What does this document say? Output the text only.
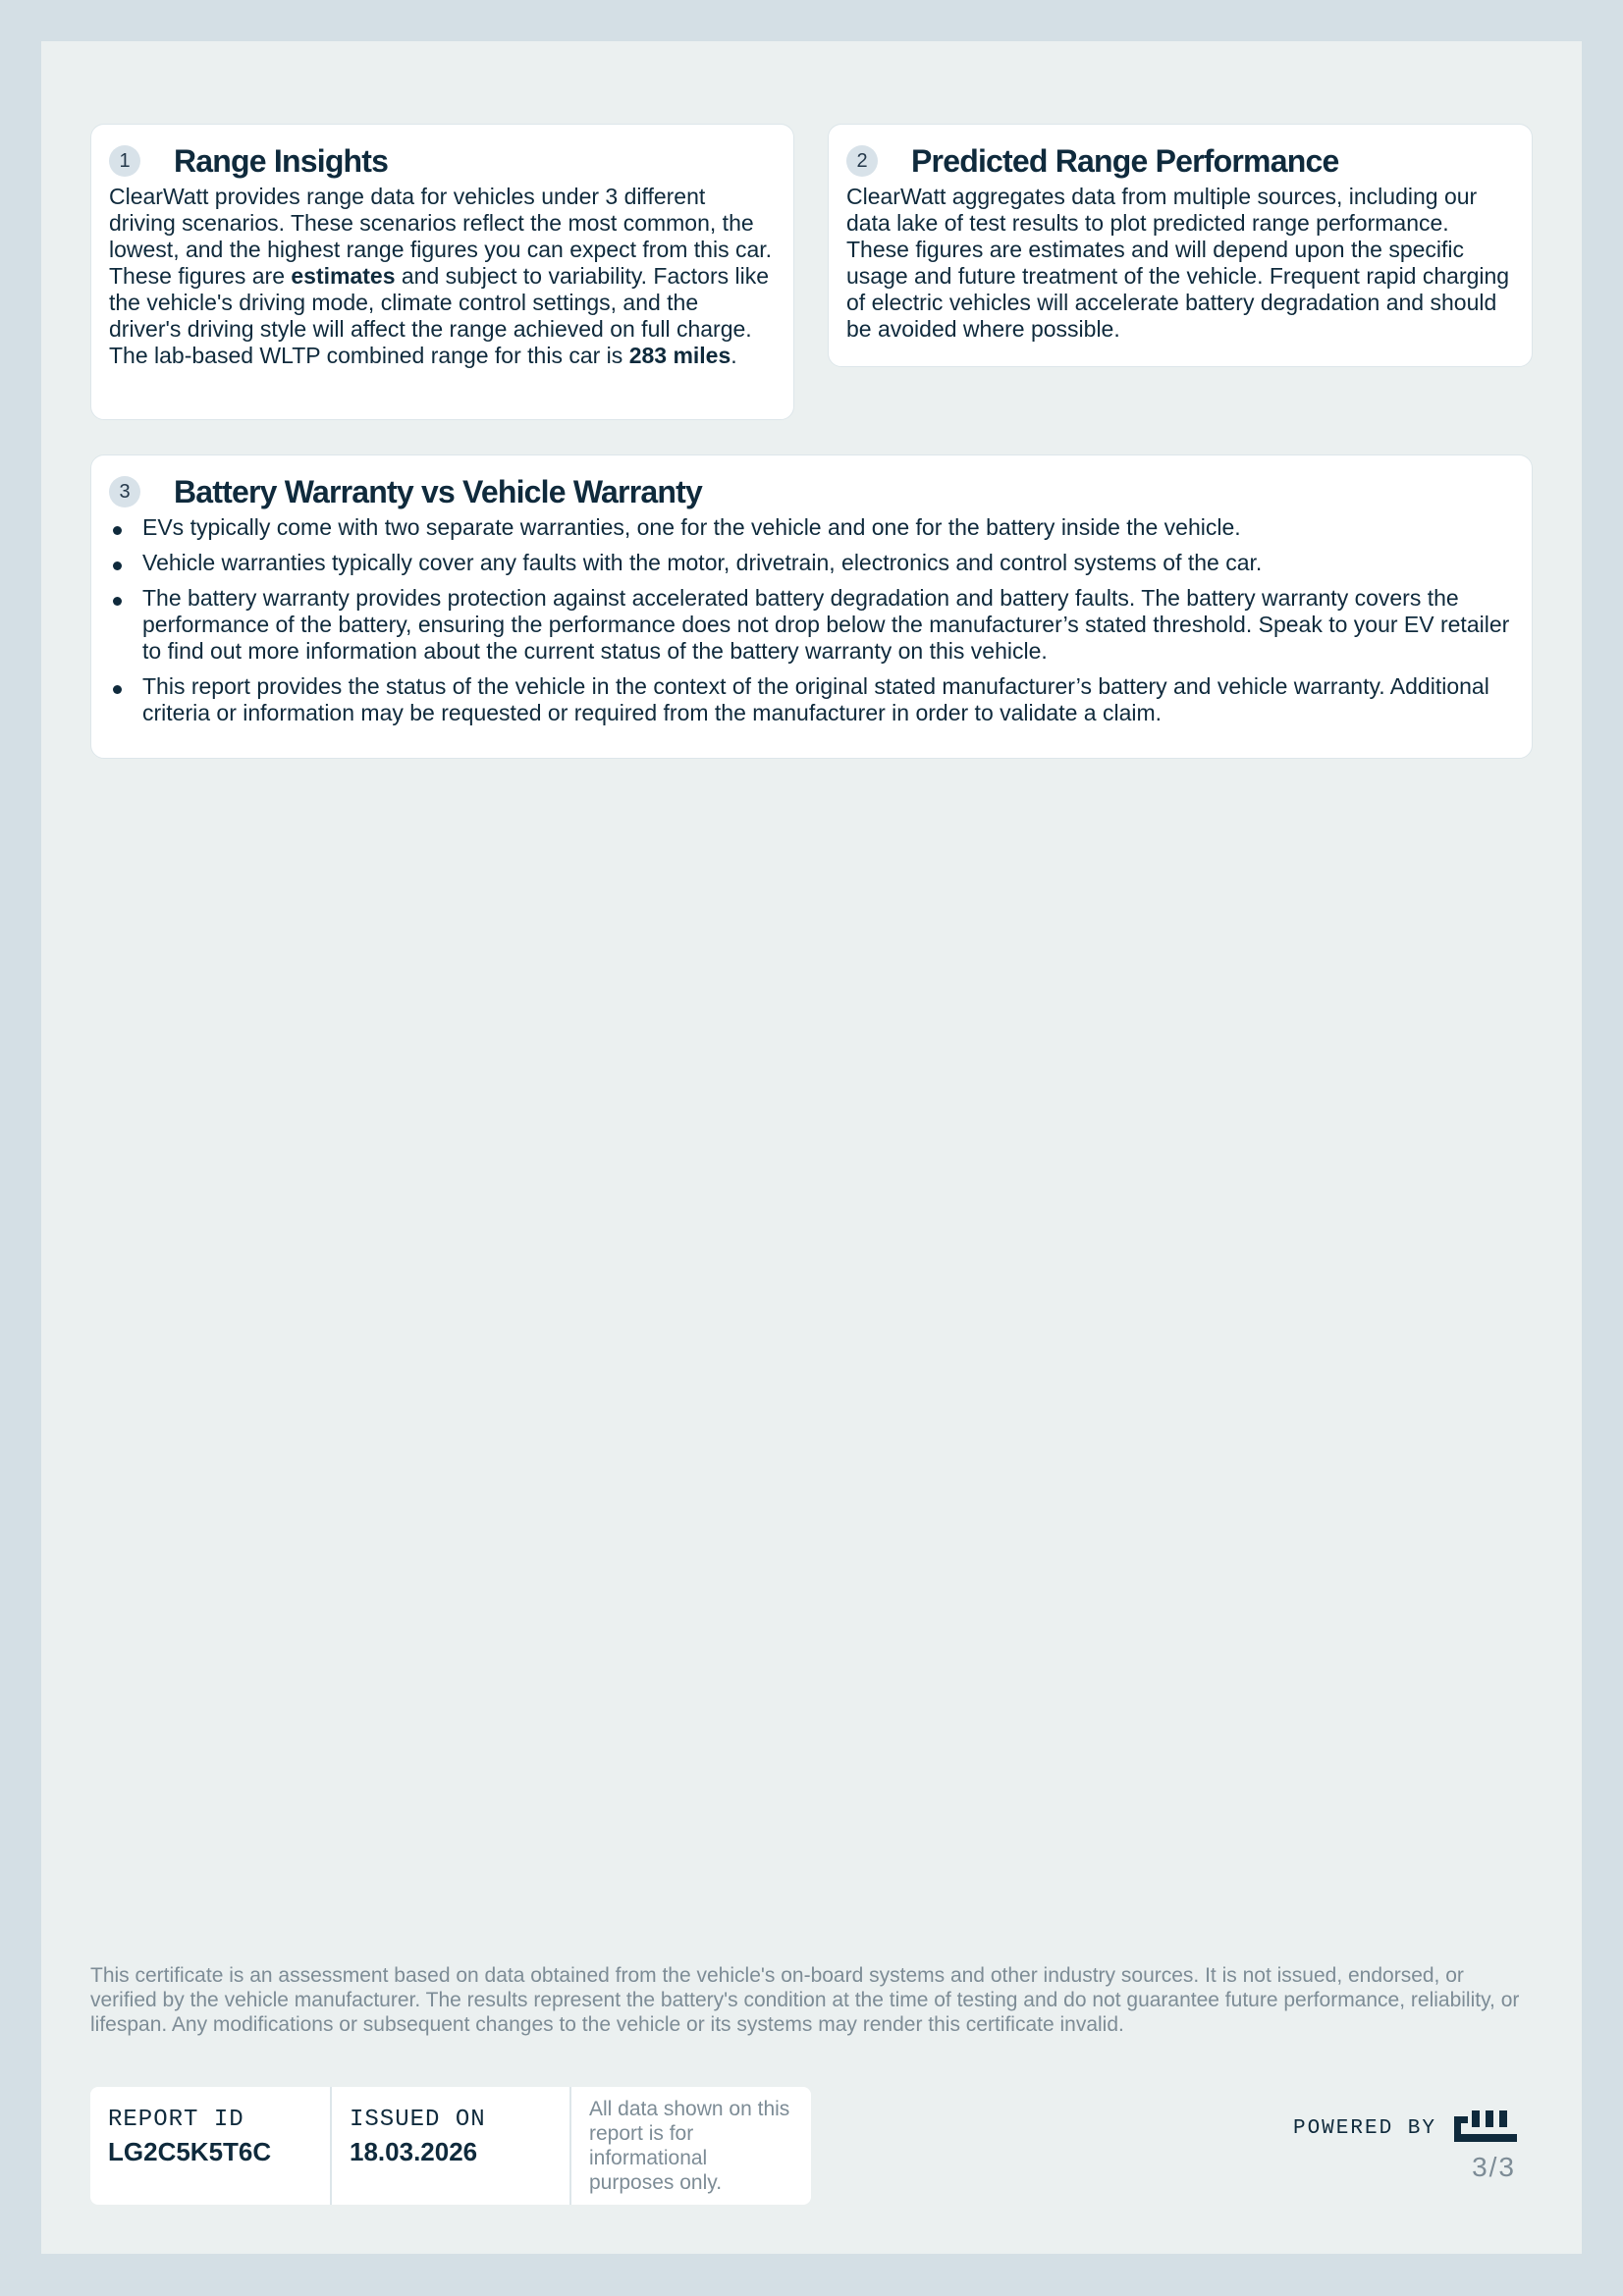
1	Range Insights
ClearWatt provides range data for vehicles under 3 different driving scenarios. These scenarios reflect the most common, the lowest, and the highest range figures you can expect from this car. These figures are estimates and subject to variability. Factors like the vehicle's driving mode, climate control settings, and the driver's driving style will affect the range achieved on full charge. The lab-based WLTP combined range for this car is 283 miles.
2	Predicted Range Performance
ClearWatt aggregates data from multiple sources, including our data lake of test results to plot predicted range performance. These figures are estimates and will depend upon the specific usage and future treatment of the vehicle. Frequent rapid charging of electric vehicles will accelerate battery degradation and should be avoided where possible.
3	Battery Warranty vs Vehicle Warranty
EVs typically come with two separate warranties, one for the vehicle and one for the battery inside the vehicle.
Vehicle warranties typically cover any faults with the motor, drivetrain, electronics and control systems of the car.
The battery warranty provides protection against accelerated battery degradation and battery faults. The battery warranty covers the performance of the battery, ensuring the performance does not drop below the manufacturer’s stated threshold. Speak to your EV retailer to find out more information about the current status of the battery warranty on this vehicle.
This report provides the status of the vehicle in the context of the original stated manufacturer’s battery and vehicle warranty. Additional criteria or information may be requested or required from the manufacturer in order to validate a claim.
This certificate is an assessment based on data obtained from the vehicle's on-board systems and other industry sources. It is not issued, endorsed, or verified by the vehicle manufacturer. The results represent the battery's condition at the time of testing and do not guarantee future performance, reliability, or lifespan. Any modifications or subsequent changes to the vehicle or its systems may render this certificate invalid.
REPORT ID
LG2C5K5T6C
ISSUED ON
18.03.2026
All data shown on this report is for informational purposes only.
POWERED BY
3/3
